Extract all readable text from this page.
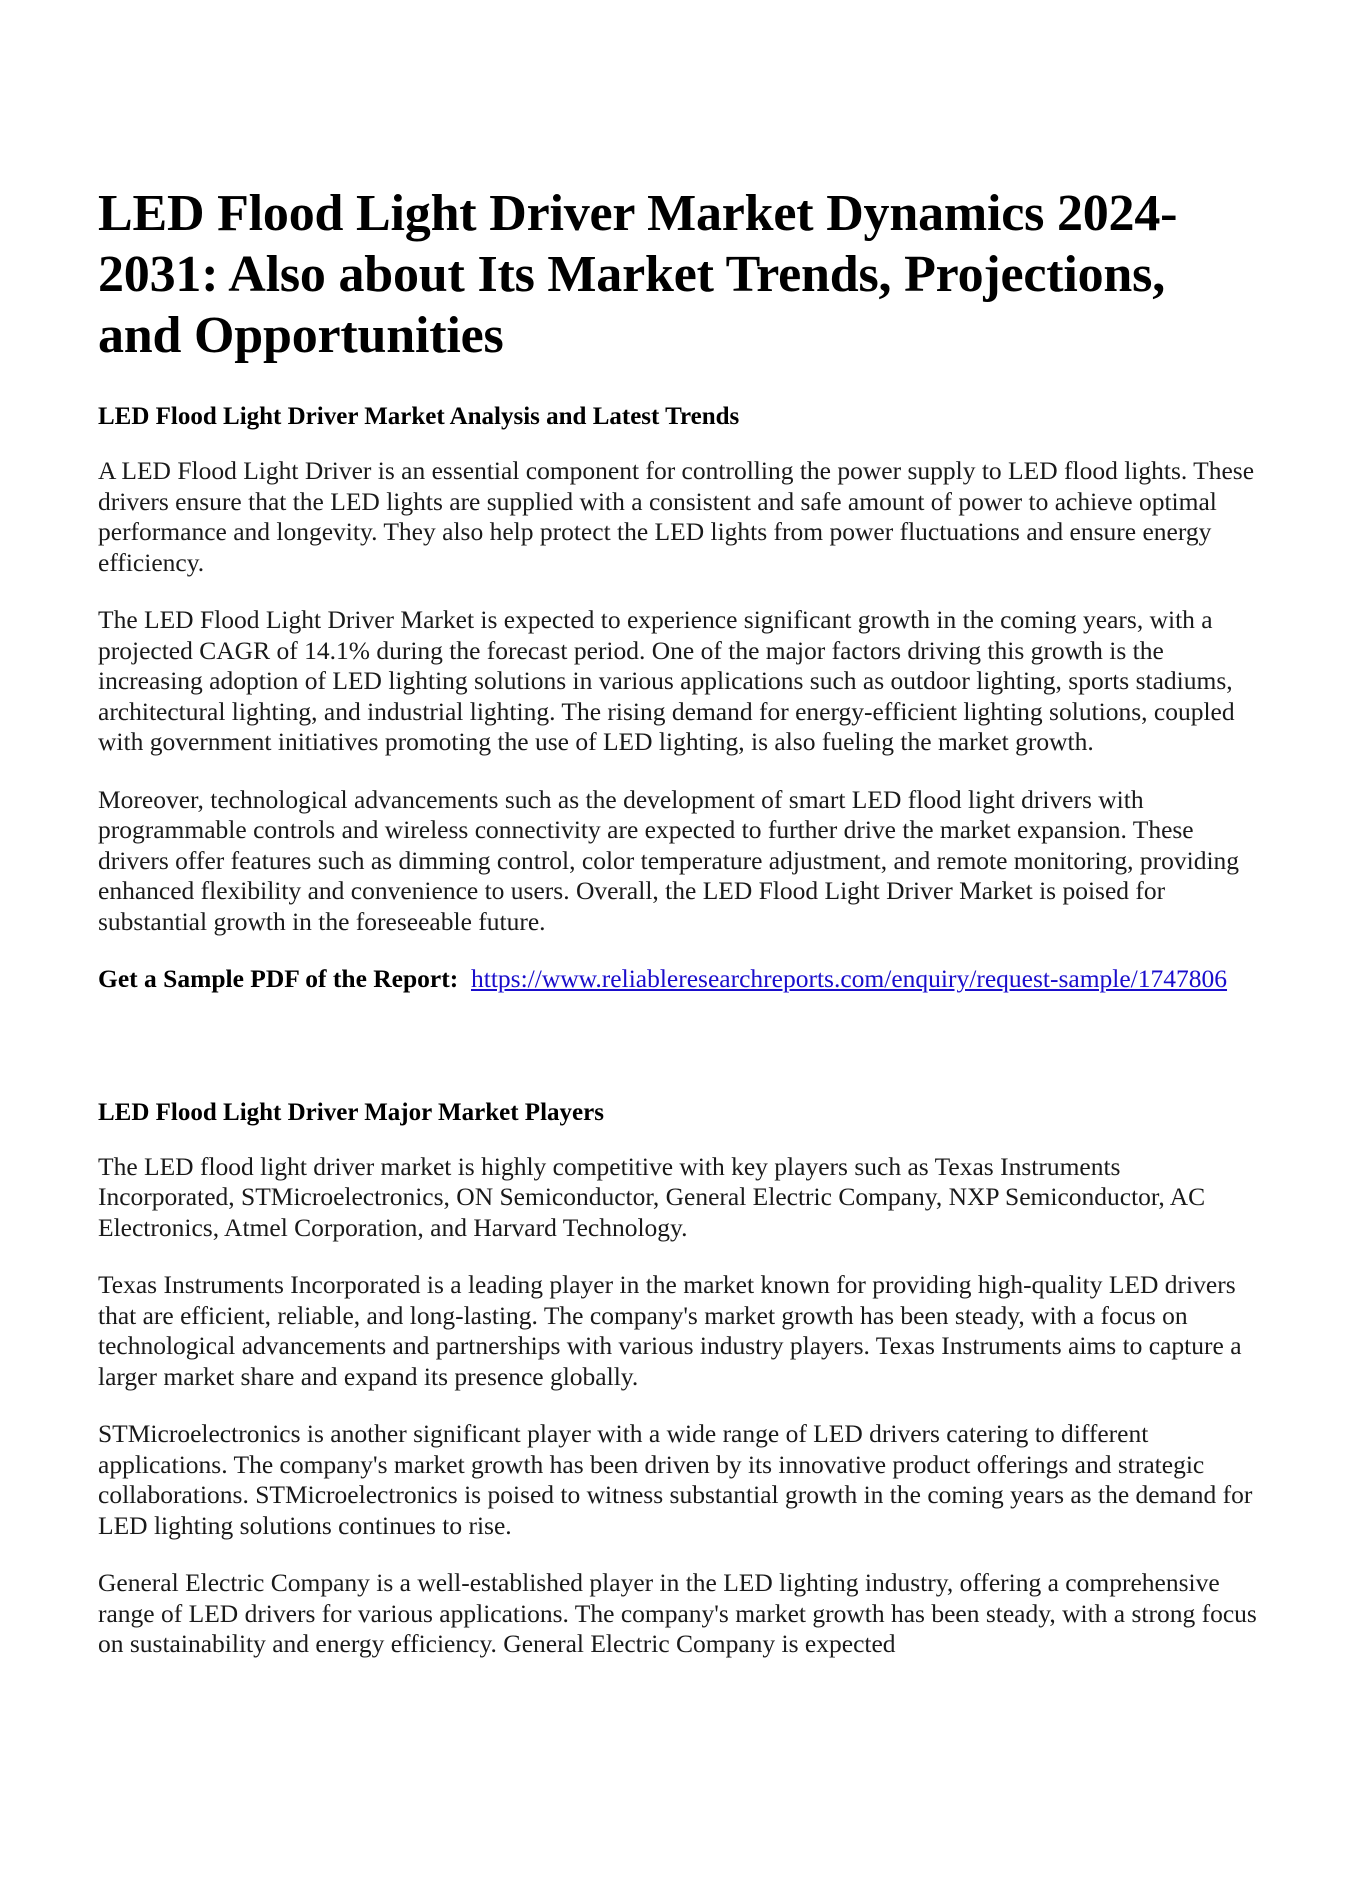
LED Flood Light Driver Market Dynamics 2024-2031: Also about Its Market Trends, Projections, and Opportunities
LED Flood Light Driver Market Analysis and Latest Trends

A LED Flood Light Driver is an essential component for controlling the power supply to LED flood lights. These drivers ensure that the LED lights are supplied with a consistent and safe amount of power to achieve optimal performance and longevity. They also help protect the LED lights from power fluctuations and ensure energy efficiency.

The LED Flood Light Driver Market is expected to experience significant growth in the coming years, with a projected CAGR of 14.1% during the forecast period. One of the major factors driving this growth is the increasing adoption of LED lighting solutions in various applications such as outdoor lighting, sports stadiums, architectural lighting, and industrial lighting. The rising demand for energy-efficient lighting solutions, coupled with government initiatives promoting the use of LED lighting, is also fueling the market growth.

Moreover, technological advancements such as the development of smart LED flood light drivers with programmable controls and wireless connectivity are expected to further drive the market expansion. These drivers offer features such as dimming control, color temperature adjustment, and remote monitoring, providing enhanced flexibility and convenience to users. Overall, the LED Flood Light Driver Market is poised for substantial growth in the foreseeable future.

Get a Sample PDF of the Report: https://www.reliableresearchreports.com/enquiry/request-sample/1747806
LED Flood Light Driver Major Market Players

The LED flood light driver market is highly competitive with key players such as Texas Instruments Incorporated, STMicroelectronics, ON Semiconductor, General Electric Company, NXP Semiconductor, AC Electronics, Atmel Corporation, and Harvard Technology.

Texas Instruments Incorporated is a leading player in the market known for providing high-quality LED drivers that are efficient, reliable, and long-lasting. The company's market growth has been steady, with a focus on technological advancements and partnerships with various industry players. Texas Instruments aims to capture a larger market share and expand its presence globally.

STMicroelectronics is another significant player with a wide range of LED drivers catering to different applications. The company's market growth has been driven by its innovative product offerings and strategic collaborations. STMicroelectronics is poised to witness substantial growth in the coming years as the demand for LED lighting solutions continues to rise.

General Electric Company is a well-established player in the LED lighting industry, offering a comprehensive range of LED drivers for various applications. The company's market growth has been steady, with a strong focus on sustainability and energy efficiency. General Electric Company is expected
